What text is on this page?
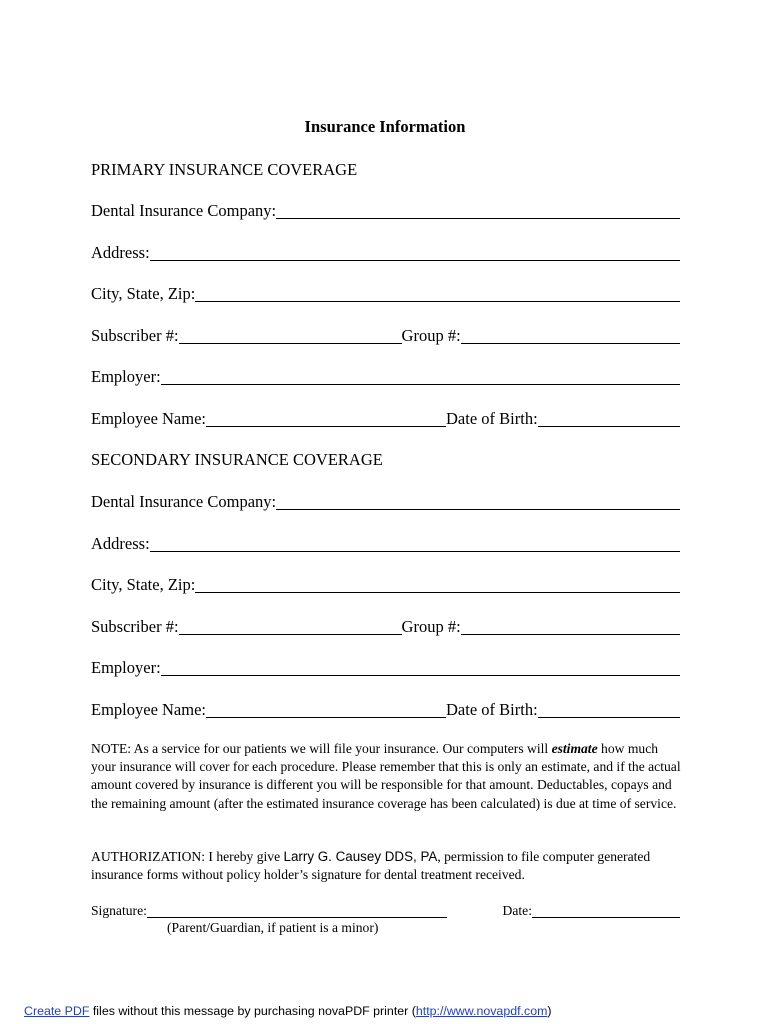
Insurance Information
PRIMARY INSURANCE COVERAGE
Dental Insurance Company:
Address:
City, State, Zip:
Subscriber #:	Group #:
Employer:
Employee Name:	Date of Birth:
SECONDARY INSURANCE COVERAGE
Dental Insurance Company:
Address:
City, State, Zip:
Subscriber #:	Group #:
Employer:
Employee Name:	Date of Birth:
NOTE: As a service for our patients we will file your insurance. Our computers will estimate how much your insurance will cover for each procedure. Please remember that this is only an estimate, and if the actual amount covered by insurance is different you will be responsible for that amount. Deductables, copays and the remaining amount (after the estimated insurance coverage has been calculated) is due at time of service.
AUTHORIZATION: I hereby give Larry G. Causey DDS, PA, permission to file computer generated insurance forms without policy holder’s signature for dental treatment received.
Signature:	Date:
(Parent/Guardian, if patient is a minor)
Create PDF files without this message by purchasing novaPDF printer (http://www.novapdf.com)
